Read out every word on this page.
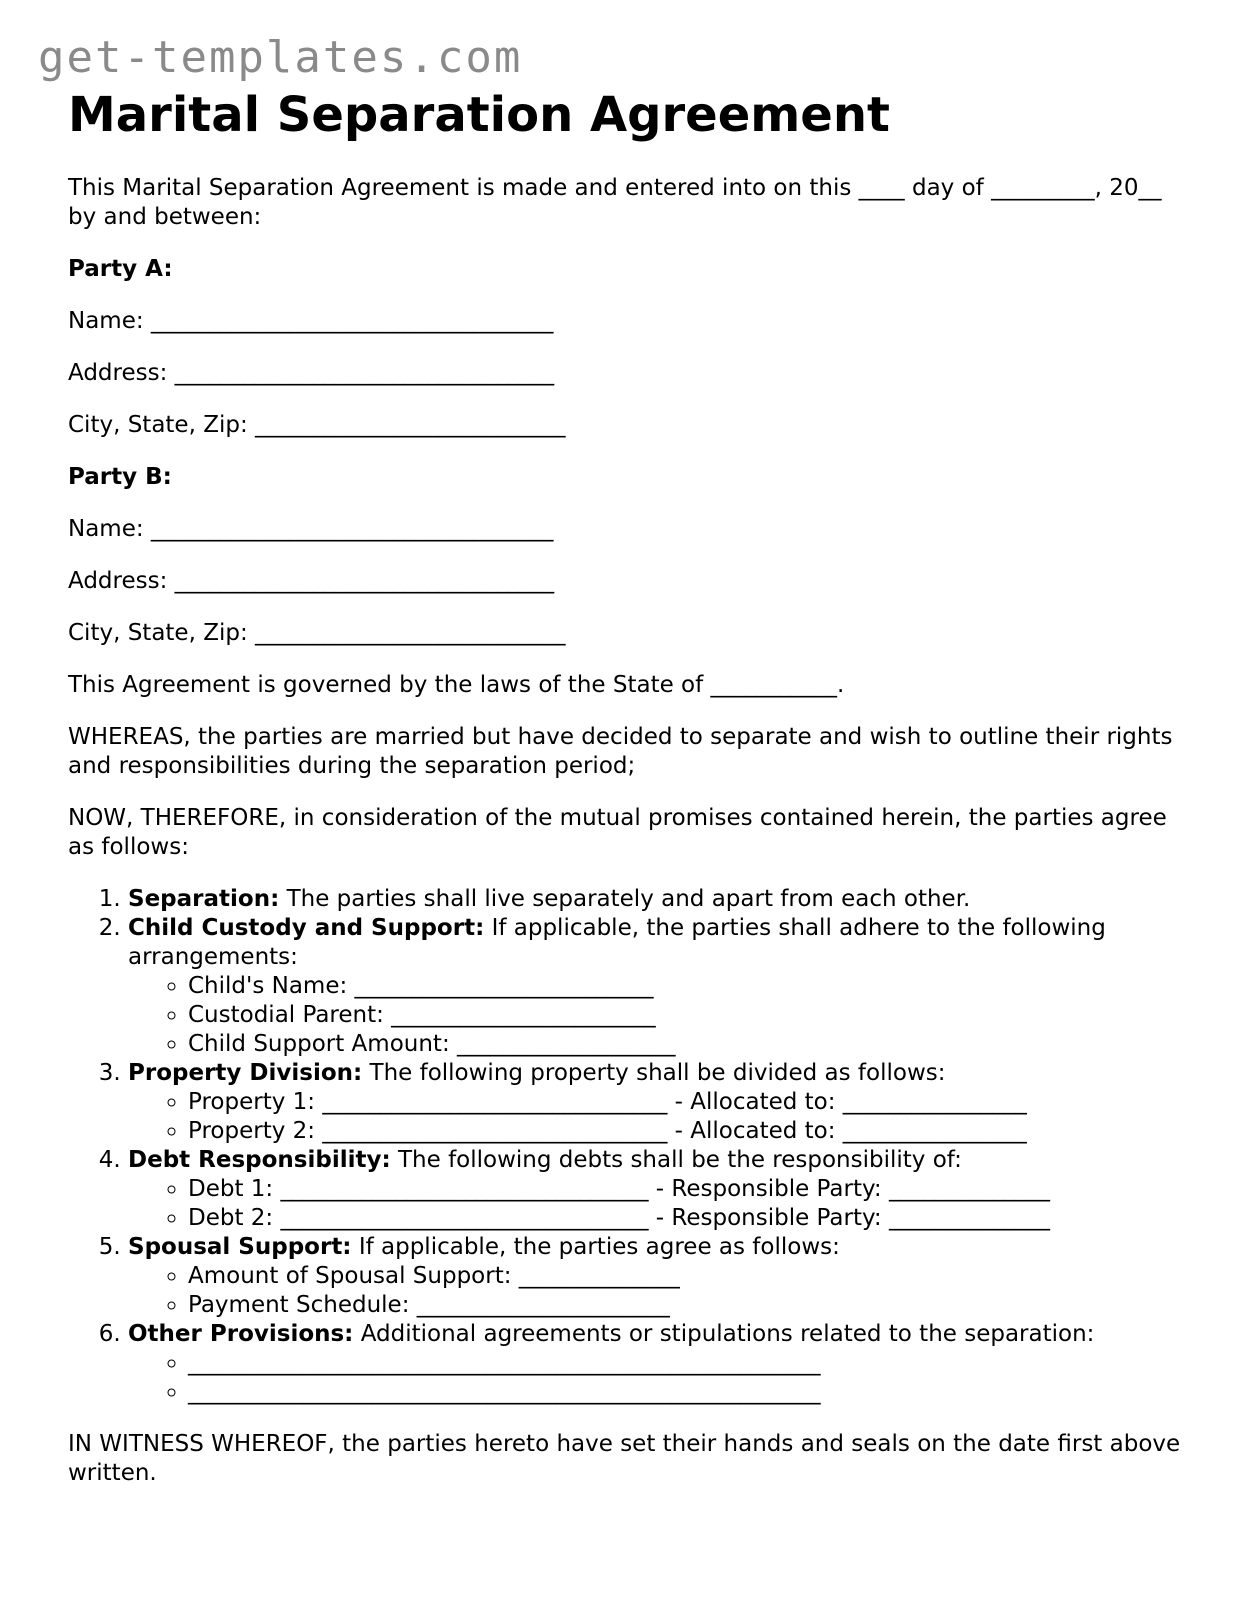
get-templates.com
Marital Separation Agreement

This Marital Separation Agreement is made and entered into on this ____ day of _________, 20__ by and between:

Party A:

Name: ___________________________________
Address: _________________________________
City, State, Zip: ___________________________

Party B:

Name: ___________________________________
Address: _________________________________
City, State, Zip: ___________________________

This Agreement is governed by the laws of the State of ___________.

WHEREAS, the parties are married but have decided to separate and wish to outline their rights and responsibilities during the separation period;

NOW, THEREFORE, in consideration of the mutual promises contained herein, the parties agree as follows:

1. Separation: The parties shall live separately and apart from each other.
2. Child Custody and Support: If applicable, the parties shall adhere to the following arrangements:
◦ Child's Name: __________________________
◦ Custodial Parent: _______________________
◦ Child Support Amount: ___________________
3. Property Division: The following property shall be divided as follows:
◦ Property 1: ______________________________ - Allocated to: ________________
◦ Property 2: ______________________________ - Allocated to: ________________
4. Debt Responsibility: The following debts shall be the responsibility of:
◦ Debt 1: ________________________________ - Responsible Party: ______________
◦ Debt 2: ________________________________ - Responsible Party: ______________
5. Spousal Support: If applicable, the parties agree as follows:
◦ Amount of Spousal Support: ______________
◦ Payment Schedule: ______________________
6. Other Provisions: Additional agreements or stipulations related to the separation:
◦ _______________________________________________________
◦ _______________________________________________________

IN WITNESS WHEREOF, the parties hereto have set their hands and seals on the date first above written.
